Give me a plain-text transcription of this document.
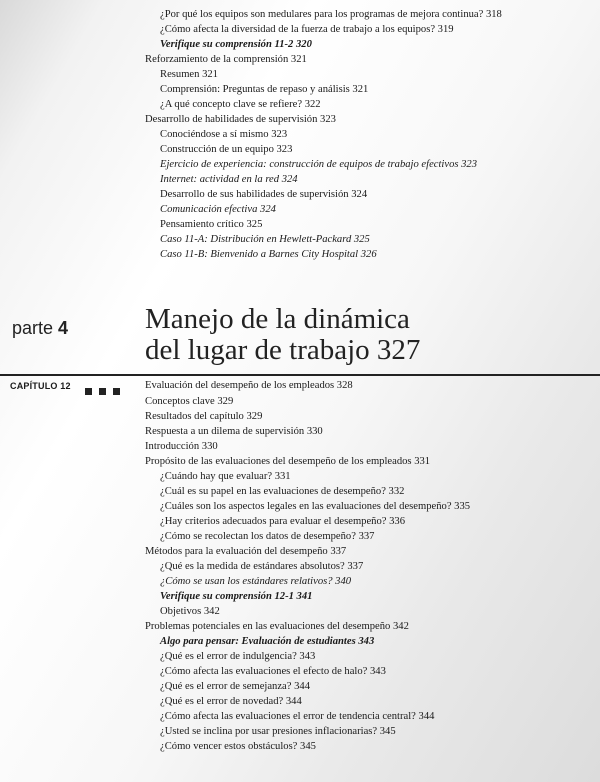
¿Por qué los equipos son medulares para los programas de mejora continua? 318
¿Cómo afecta la diversidad de la fuerza de trabajo a los equipos? 319
Verifique su comprensión 11-2 320
Reforzamiento de la comprensión 321
Resumen 321
Comprensión: Preguntas de repaso y análisis 321
¿A qué concepto clave se refiere? 322
Desarrollo de habilidades de supervisión 323
Conociéndose a sí mismo 323
Construcción de un equipo 323
Ejercicio de experiencia: construcción de equipos de trabajo efectivos 323
Internet: actividad en la red 324
Desarrollo de sus habilidades de supervisión 324
Comunicación efectiva 324
Pensamiento crítico 325
Caso 11-A: Distribución en Hewlett-Packard 325
Caso 11-B: Bienvenido a Barnes City Hospital 326
parte 4	Manejo de la dinámica
del lugar de trabajo 327
CAPÍTULO 12	Evaluación del desempeño de los empleados 328
Conceptos clave 329
Resultados del capítulo 329
Respuesta a un dilema de supervisión 330
Introducción 330
Propósito de las evaluaciones del desempeño de los empleados 331
¿Cuándo hay que evaluar? 331
¿Cuál es su papel en las evaluaciones de desempeño? 332
¿Cuáles son los aspectos legales en las evaluaciones del desempeño? 335
¿Hay criterios adecuados para evaluar el desempeño? 336
¿Cómo se recolectan los datos de desempeño? 337
Métodos para la evaluación del desempeño 337
¿Qué es la medida de estándares absolutos? 337
¿Cómo se usan los estándares relativos? 340
Verifique su comprensión 12-1 341
Objetivos 342
Problemas potenciales en las evaluaciones del desempeño 342
Algo para pensar: Evaluación de estudiantes 343
¿Qué es el error de indulgencia? 343
¿Cómo afecta las evaluaciones el efecto de halo? 343
¿Qué es el error de semejanza? 344
¿Qué es el error de novedad? 344
¿Cómo afecta las evaluaciones el error de tendencia central? 344
¿Usted se inclina por usar presiones inflacionarias? 345
¿Cómo vencer estos obstáculos? 345
